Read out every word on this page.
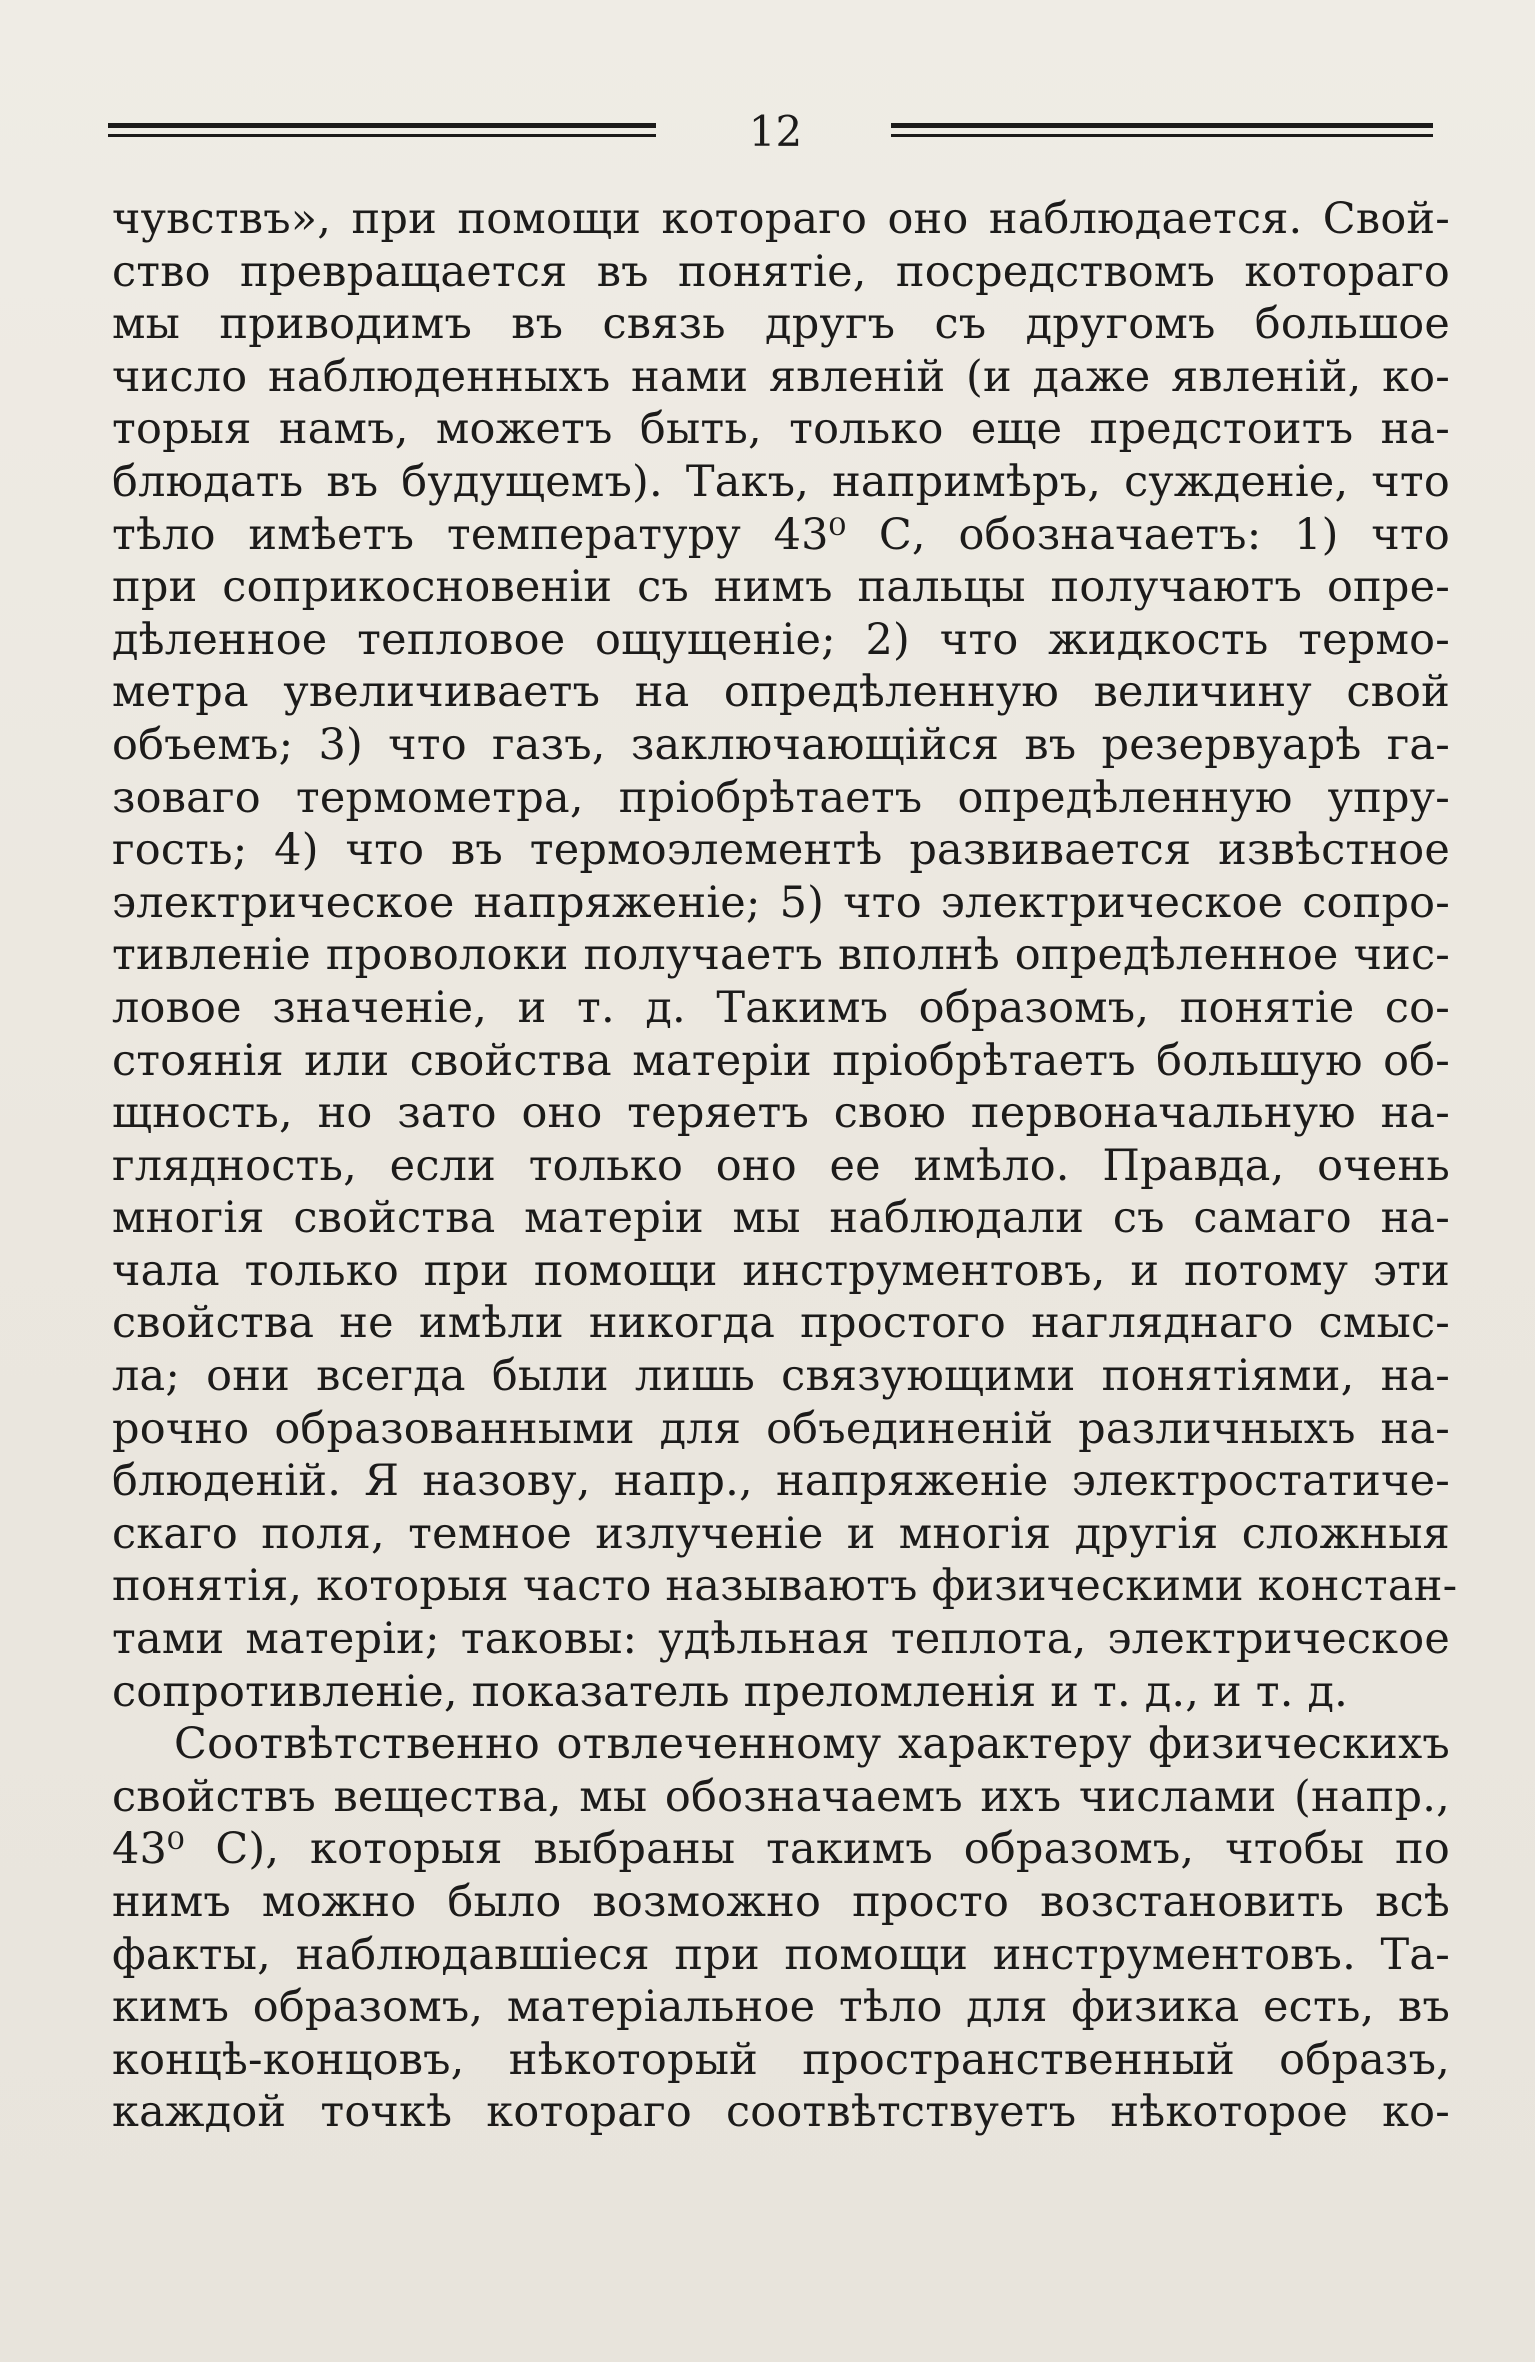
12
чувствъ», при помощи котораго оно наблюдается. Свой-
ство превращается въ понятіе, посредствомъ котораго
мы приводимъ въ связь другъ съ другомъ большое
число наблюденныхъ нами явленій (и даже явленій, ко-
торыя намъ, можетъ быть, только еще предстоитъ на-
блюдать въ будущемъ). Такъ, напримѣръ, сужденіе, что
тѣло имѣетъ температуру 43⁰ С, обозначаетъ: 1) что
при соприкосновеніи съ нимъ пальцы получаютъ опре-
дѣленное тепловое ощущеніе; 2) что жидкость термо-
метра увеличиваетъ на опредѣленную величину свой
объемъ; 3) что газъ, заключающійся въ резервуарѣ га-
зоваго термометра, пріобрѣтаетъ опредѣленную упру-
гость; 4) что въ термоэлементѣ развивается извѣстное
электрическое напряженіе; 5) что электрическое сопро-
тивленіе проволоки получаетъ вполнѣ опредѣленное чис-
ловое значеніе, и т. д. Такимъ образомъ, понятіе со-
стоянія или свойства матеріи пріобрѣтаетъ большую об-
щность, но зато оно теряетъ свою первоначальную на-
глядность, если только оно ее имѣло. Правда, очень
многія свойства матеріи мы наблюдали съ самаго на-
чала только при помощи инструментовъ, и потому эти
свойства не имѣли никогда простого нагляднаго смыс-
ла; они всегда были лишь связующими понятіями, на-
рочно образованными для объединеній различныхъ на-
блюденій. Я назову, напр., напряженіе электростатиче-
скаго поля, темное излученіе и многія другія сложныя
понятія, которыя часто называютъ физическими констан-
тами матеріи; таковы: удѣльная теплота, электрическое
сопротивленіе, показатель преломленія и т. д., и т. д.
Соотвѣтственно отвлеченному характеру физическихъ
свойствъ вещества, мы обозначаемъ ихъ числами (напр.,
43⁰ С), которыя выбраны такимъ образомъ, чтобы по
нимъ можно было возможно просто возстановить всѣ
факты, наблюдавшіеся при помощи инструментовъ. Та-
кимъ образомъ, матеріальное тѣло для физика есть, въ
концѣ-концовъ, нѣкоторый пространственный образъ,
каждой точкѣ котораго соотвѣтствуетъ нѣкоторое ко-
